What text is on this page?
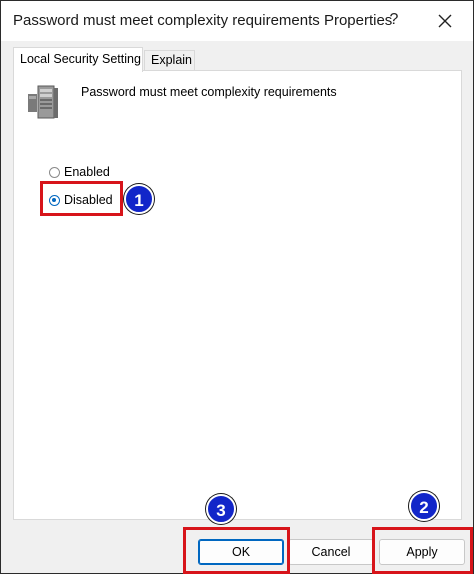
Password must meet complexity requirements Properties
?
Local Security Setting Explain
Password must meet complexity requirements
Enabled
Disabled
OK	Cancel	Apply
1
3	2
